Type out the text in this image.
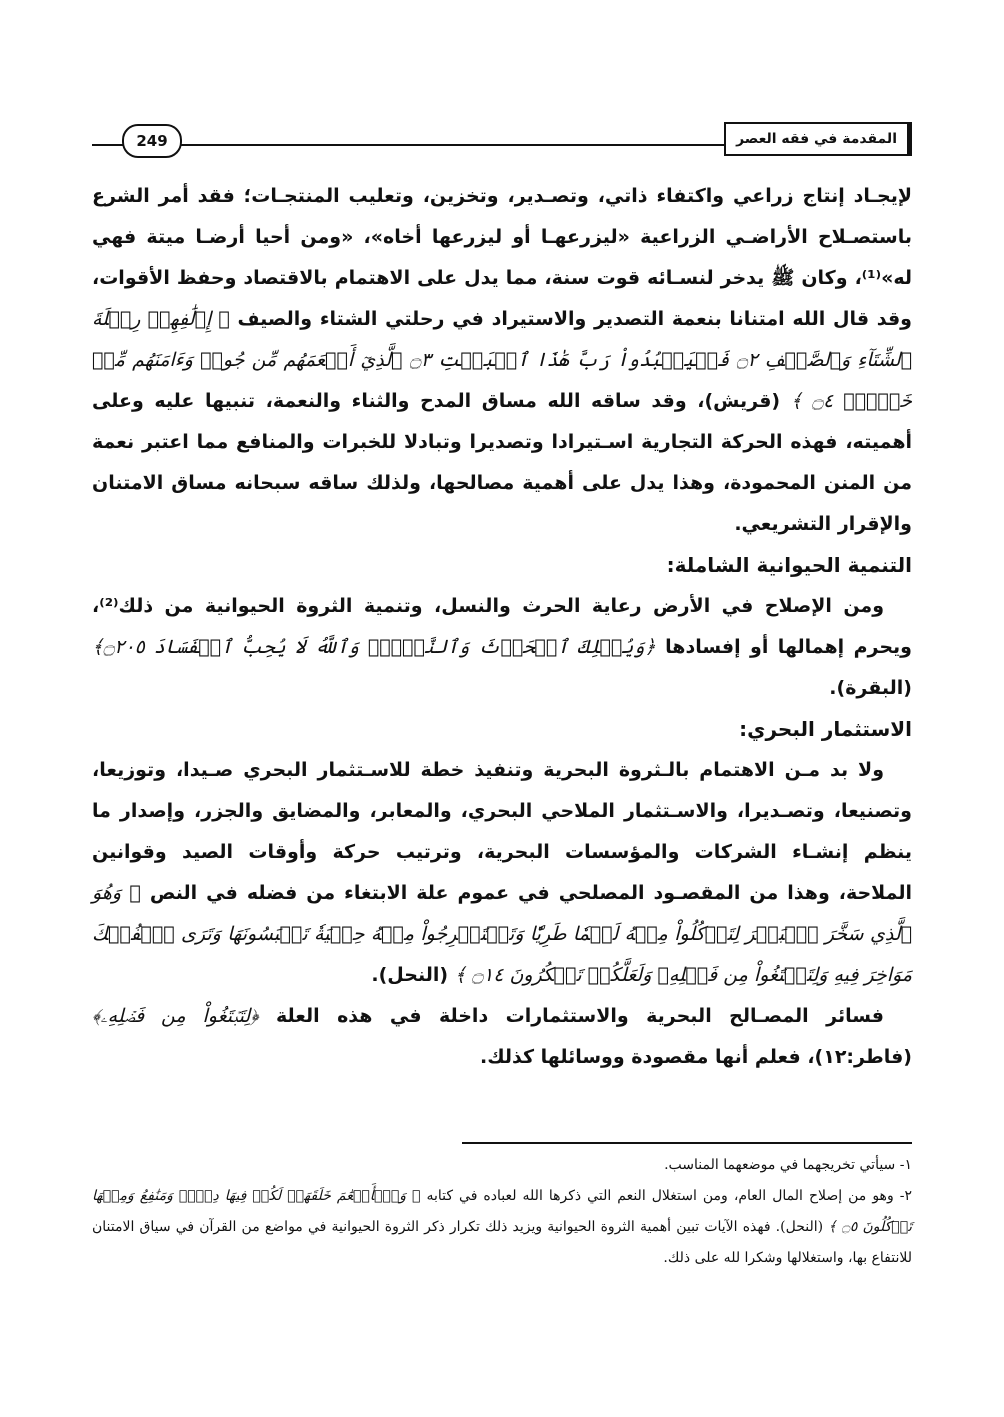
المقدمة في فقه العصر
249

لإيجـاد إنتاج زراعي واكتفاء ذاتي، وتصـدير، وتخزين، وتعليب المنتجـات؛ فقد أمر الشرع باستصـلاح الأراضـي الزراعية «ليزرعهـا أو ليزرعها أخاه»، «ومن أحيا أرضـا ميتة فهي له»⁽¹⁾، وكان ﷺ يدخر لنسـائه قوت سنة، مما يدل على الاهتمام بالاقتصاد وحفظ الأقوات، وقد قال الله امتنانا بنعمة التصدير والاستيراد في رحلتي الشتاء والصيف ﴿ إِۦلَٰفِهِمۡ رِحۡلَةَ ٱلشِّتَآءِ وَٱلصَّيۡفِ ۝٢ فَلۡيَعۡبُدُواْ رَبَّ هَٰذَا ٱلۡبَيۡتِ ۝٣ ٱلَّذِيٓ أَطۡعَمَهُم مِّن جُوعٖ وَءَامَنَهُم مِّنۡ خَوۡفِۭ ۝٤ ﴾ (قريش)، وقد ساقه الله مساق المدح والثناء والنعمة، تنبيها عليه وعلى أهميته، فهذه الحركة التجارية اسـتيرادا وتصديرا وتبادلا للخبرات والمنافع مما اعتبر نعمة من المنن المحمودة، وهذا يدل على أهمية مصالحها، ولذلك ساقه سبحانه مساق الامتنان والإقرار التشريعي.

التنمية الحيوانية الشاملة:

ومن الإصلاح في الأرض رعاية الحرث والنسل، وتنمية الثروة الحيوانية من ذلك⁽²⁾، ويحرم إهمالها أو إفسادها ﴿وَيُهۡلِكَ ٱلۡحَرۡثَ وَٱلنَّسۡلَۚ وَٱللَّهُ لَا يُحِبُّ ٱلۡفَسَادَ ۝٢٠٥﴾ (البقرة).

الاستثمار البحري:

ولا بد مـن الاهتمام بالـثروة البحرية وتنفيذ خطة للاسـتثمار البحري صـيدا، وتوزيعا، وتصنيعا، وتصـديرا، والاسـتثمار الملاحي البحري، والمعابر، والمضايق والجزر، وإصدار ما ينظم إنشـاء الشركات والمؤسسات البحرية، وترتيب حركة وأوقات الصيد وقوانين الملاحة، وهذا من المقصـود المصلحي في عموم علة الابتغاء من فضله في النص ﴿ وَهُوَ ٱلَّذِي سَخَّرَ ٱلۡبَحۡرَ لِتَأۡكُلُواْ مِنۡهُ لَحۡمٗا طَرِيّٗا وَتَسۡتَخۡرِجُواْ مِنۡهُ حِلۡيَةٗ تَلۡبَسُونَهَا وَتَرَى ٱلۡفُلۡكَ مَوَاخِرَ فِيهِ وَلِتَبۡتَغُواْ مِن فَضۡلِهِۦ وَلَعَلَّكُمۡ تَشۡكُرُونَ ۝١٤ ﴾ (النحل).

فسائر المصـالح البحرية والاستثمارات داخلة في هذه العلة ﴿لِتَبۡتَغُواْ مِن فَضۡلِهِۦ﴾ (فاطر:١٢)، فعلم أنها مقصودة ووسائلها كذلك.

١- سيأتي تخريجهما في موضعهما المناسب.

٢- وهو من إصلاح المال العام، ومن استغلال النعم التي ذكرها الله لعباده في كتابه ﴿ وَٱلۡأَنۡعَٰمَ خَلَقَهَاۗ لَكُمۡ فِيهَا دِفۡءٞ وَمَنَٰفِعُ وَمِنۡهَا تَأۡكُلُونَ ۝٥ ﴾ (النحل). فهذه الآيات تبين أهمية الثروة الحيوانية ويزيد ذلك تكرار ذكر الثروة الحيوانية في مواضع من القرآن في سياق الامتنان للانتفاع بها، واستغلالها وشكرا لله على ذلك.
